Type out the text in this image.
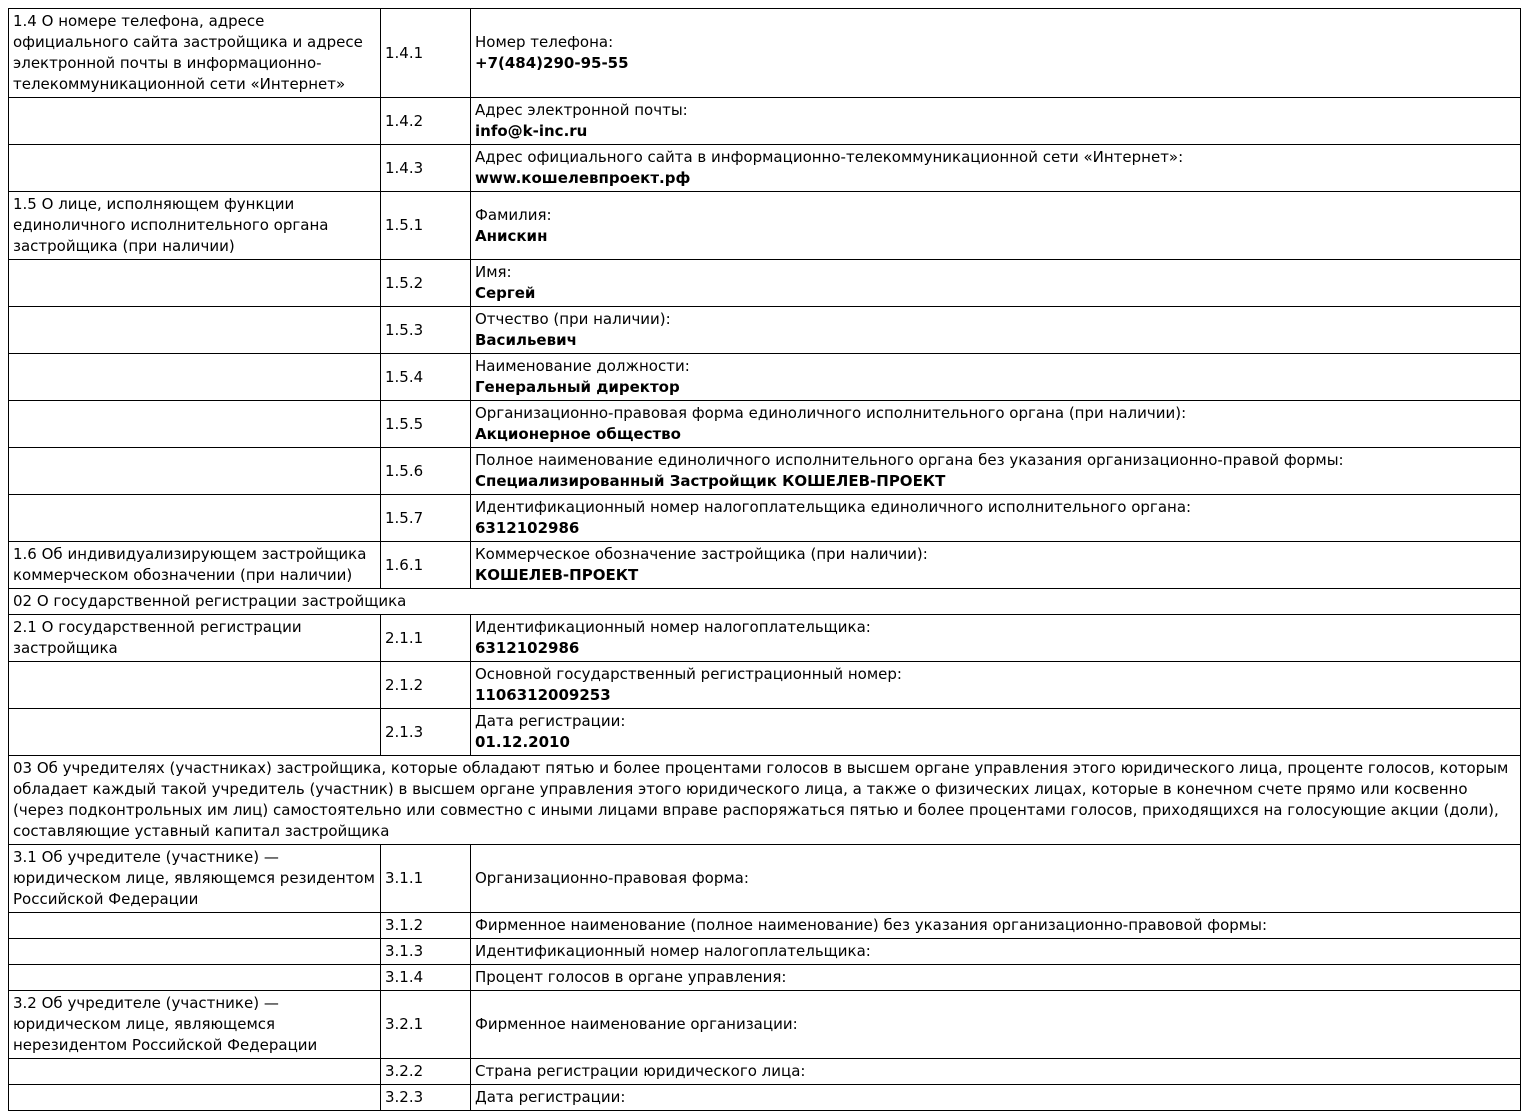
1.4 О номере телефона, адресе официального сайта застройщика и адресе электронной почты в информационно-телекоммуникационной сети «Интернет»	1.4.1	Номер телефона:
+7(484)290-95-55

	1.4.2	Адрес электронной почты:
info@k-inc.ru

	1.4.3	Адрес официального сайта в информационно-телекоммуникационной сети «Интернет»:
www.кошелевпроект.рф

1.5 О лице, исполняющем функции единоличного исполнительного органа застройщика (при наличии)	1.5.1	Фамилия:
Анискин

	1.5.2	Имя:
Сергей

	1.5.3	Отчество (при наличии):
Васильевич

	1.5.4	Наименование должности:
Генеральный директор

	1.5.5	Организационно-правовая форма единоличного исполнительного органа (при наличии):
Акционерное общество

	1.5.6	Полное наименование единоличного исполнительного органа без указания организационно-правой формы:
Специализированный Застройщик КОШЕЛЕВ-ПРОЕКТ

	1.5.7	Идентификационный номер налогоплательщика единоличного исполнительного органа:
6312102986

1.6 Об индивидуализирующем застройщика коммерческом обозначении (при наличии)	1.6.1	Коммерческое обозначение застройщика (при наличии):
КОШЕЛЕВ-ПРОЕКТ

02 О государственной регистрации застройщика		
2.1 О государственной регистрации застройщика	2.1.1	Идентификационный номер налогоплательщика:
6312102986

	2.1.2	Основной государственный регистрационный номер:
1106312009253

	2.1.3	Дата регистрации:
01.12.2010

03 Об учредителях (участниках) застройщика, которые обладают пятью и более процентами голосов в высшем органе управления этого юридического лица, проценте голосов, которым обладает каждый такой учредитель (участник) в высшем органе управления этого юридического лица, а также о физических лицах, которые в конечном счете прямо или косвенно (через подконтрольных им лиц) самостоятельно или совместно с иными лицами вправе распоряжаться пятью и более процентами голосов, приходящихся на голосующие акции (доли), составляющие уставный капитал застройщика		
3.1 Об учредителе (участнике) — юридическом лице, являющемся резидентом Российской Федерации	3.1.1	Организационно-правовая форма:

	3.1.2	Фирменное наименование (полное наименование) без указания организационно-правовой формы:

	3.1.3	Идентификационный номер налогоплательщика:

	3.1.4	Процент голосов в органе управления:

3.2 Об учредителе (участнике) — юридическом лице, являющемся нерезидентом Российской Федерации	3.2.1	Фирменное наименование организации:

	3.2.2	Страна регистрации юридического лица:

	3.2.3	Дата регистрации:
